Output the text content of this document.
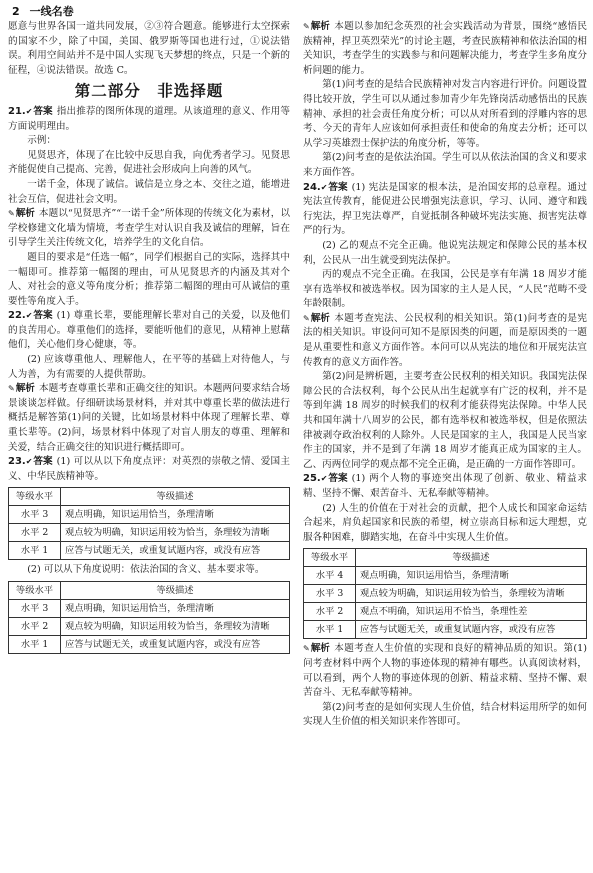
2 一线名卷

愿意与世界各国一道共同发展，②③符合题意。能够进行太空探索的国家不少，除了中国，美国、俄罗斯等国也进行过，①说法错误。利用空间站并不是中国人实现飞天梦想的终点，只是一个新的征程，④说法错误。故选 C。

第二部分　非选择题

21. ✔ 答案 指出推荐的图所体现的道理。从该道理的意义、作用等方面说明理由。

示例：

见贤思齐，体现了在比较中反思自我，向优秀者学习。见贤思齐能促使自己提高、完善，促进社会形成向上向善的风气。

一诺千金，体现了诚信。诚信是立身之本、交往之道，能增进社会互信，促进社会文明。

✎ 解析 本题以“见贤思齐”“一诺千金”所体现的传统文化为素材，以学校修建文化墙为情境，考查学生对认识自我及诚信的理解，旨在引导学生关注传统文化，培养学生的文化自信。

题目的要求是“任选一幅”，同学们根据自己的实际，选择其中一幅即可。推荐第一幅图的理由，可从见贤思齐的内涵及其对个人、对社会的意义等角度分析；推荐第二幅图的理由可从诚信的重要性等角度入手。

22. ✔ 答案 (1) 尊重长辈，要能理解长辈对自己的关爱，以及他们的良苦用心。尊重他们的选择，要能听他们的意见，从精神上慰藉他们，关心他们身心健康，等。

(2) 应该尊重他人、理解他人，在平等的基础上对待他人，与人为善，为有需要的人提供帮助。

✎ 解析 本题考查尊重长辈和正确交往的知识。本题两问要求结合场景谈谈怎样做。仔细研读场景材料，并对其中尊重长辈的做法进行概括是解答第(1)问的关键，比如场景材料中体现了理解长辈、尊重长辈等。(2)问，场景材料中体现了对盲人朋友的尊重、理解和关爱，结合正确交往的知识进行概括即可。

23. ✔ 答案 (1) 可以从以下角度点评：对英烈的崇敬之情、爱国主义、中华民族精神等。

等级水平	等级描述
水平 3	观点明确，知识运用恰当，条理清晰
水平 2	观点较为明确，知识运用较为恰当，条理较为清晰
水平 1	应答与试题无关，或重复试题内容，或没有应答

(2) 可以从下角度说明：依法治国的含义、基本要求等。

等级水平	等级描述
水平 3	观点明确，知识运用恰当，条理清晰
水平 2	观点较为明确，知识运用较为恰当，条理较为清晰
水平 1	应答与试题无关，或重复试题内容，或没有应答

✎ 解析 本题以参加纪念英烈的社会实践活动为背景，围绕“感悟民族精神，捍卫英烈荣光”的讨论主题，考查民族精神和依法治国的相关知识，考查学生的实践参与和问题解决能力，考查学生多角度分析问题的能力。

第(1)问考查的是结合民族精神对发言内容进行评价。问题设置得比较开放，学生可以从通过参加青少年先锋岗活动感悟出的民族精神、承担的社会责任角度分析；可以从对所看到的浮雕内容的思考、今天的青年人应该如何承担责任和使命的角度去分析；还可以从学习英雄烈士保护法的角度分析，等等。

第(2)问考查的是依法治国。学生可以从依法治国的含义和要求来方面作答。

24. ✔ 答案 (1) 宪法是国家的根本法，是治国安邦的总章程。通过宪法宣传教育，能促进公民增强宪法意识，学习、认同、遵守和践行宪法，捍卫宪法尊严，自觉抵制各种破坏宪法实施、损害宪法尊严的行为。

(2) 乙的观点不完全正确。他说宪法规定和保障公民的基本权利，公民从一出生就受到宪法保护。

丙的观点不完全正确。在我国，公民是享有年满 18 周岁才能享有选举权和被选举权。因为国家的主人是人民，“人民”范畴不受年龄限制。

✎ 解析 本题考查宪法、公民权利的相关知识。第(1)问考查的是宪法的相关知识。审设问可知不是原因类的问题，而是原因类的一题是从重要性和意义方面作答。本问可以从宪法的地位和开展宪法宣传教育的意义方面作答。

第(2)问是辨析题，主要考查公民权利的相关知识。我国宪法保障公民的合法权利，每个公民从出生起就享有广泛的权利，并不是等到年满 18 周岁的时候我们的权利才能获得宪法保障。中华人民共和国年满十八周岁的公民，都有选举权和被选举权，但是依照法律被剥夺政治权利的人除外。人民是国家的主人，我国是人民当家作主的国家，并不是到了年满 18 周岁才能真正成为国家的主人。乙、丙两位同学的观点都不完全正确，是正确的一方面作答即可。

25. ✔ 答案 (1) 两个人物的事迹突出体现了创新、敬业、精益求精、坚持不懈、艰苦奋斗、无私奉献等精神。

(2) 人生的价值在于对社会的贡献，把个人成长和国家命运结合起来，肩负起国家和民族的希望，树立崇高目标和远大理想，克服各种困难，脚踏实地，在奋斗中实现人生价值。

等级水平	等级描述
水平 4	观点明确，知识运用恰当，条理清晰
水平 3	观点较为明确，知识运用较为恰当，条理较为清晰
水平 2	观点不明确，知识运用不恰当，条理性差
水平 1	应答与试题无关，或重复试题内容，或没有应答

✎ 解析 本题考查人生价值的实现和良好的精神品质的知识。第(1)问考查材料中两个人物的事迹体现的精神有哪些。认真阅读材料，可以看到，两个人物的事迹体现的创新、精益求精、坚持不懈、艰苦奋斗、无私奉献等精神。

第(2)问考查的是如何实现人生价值，结合材料运用所学的如何实现人生价值的相关知识来作答即可。
